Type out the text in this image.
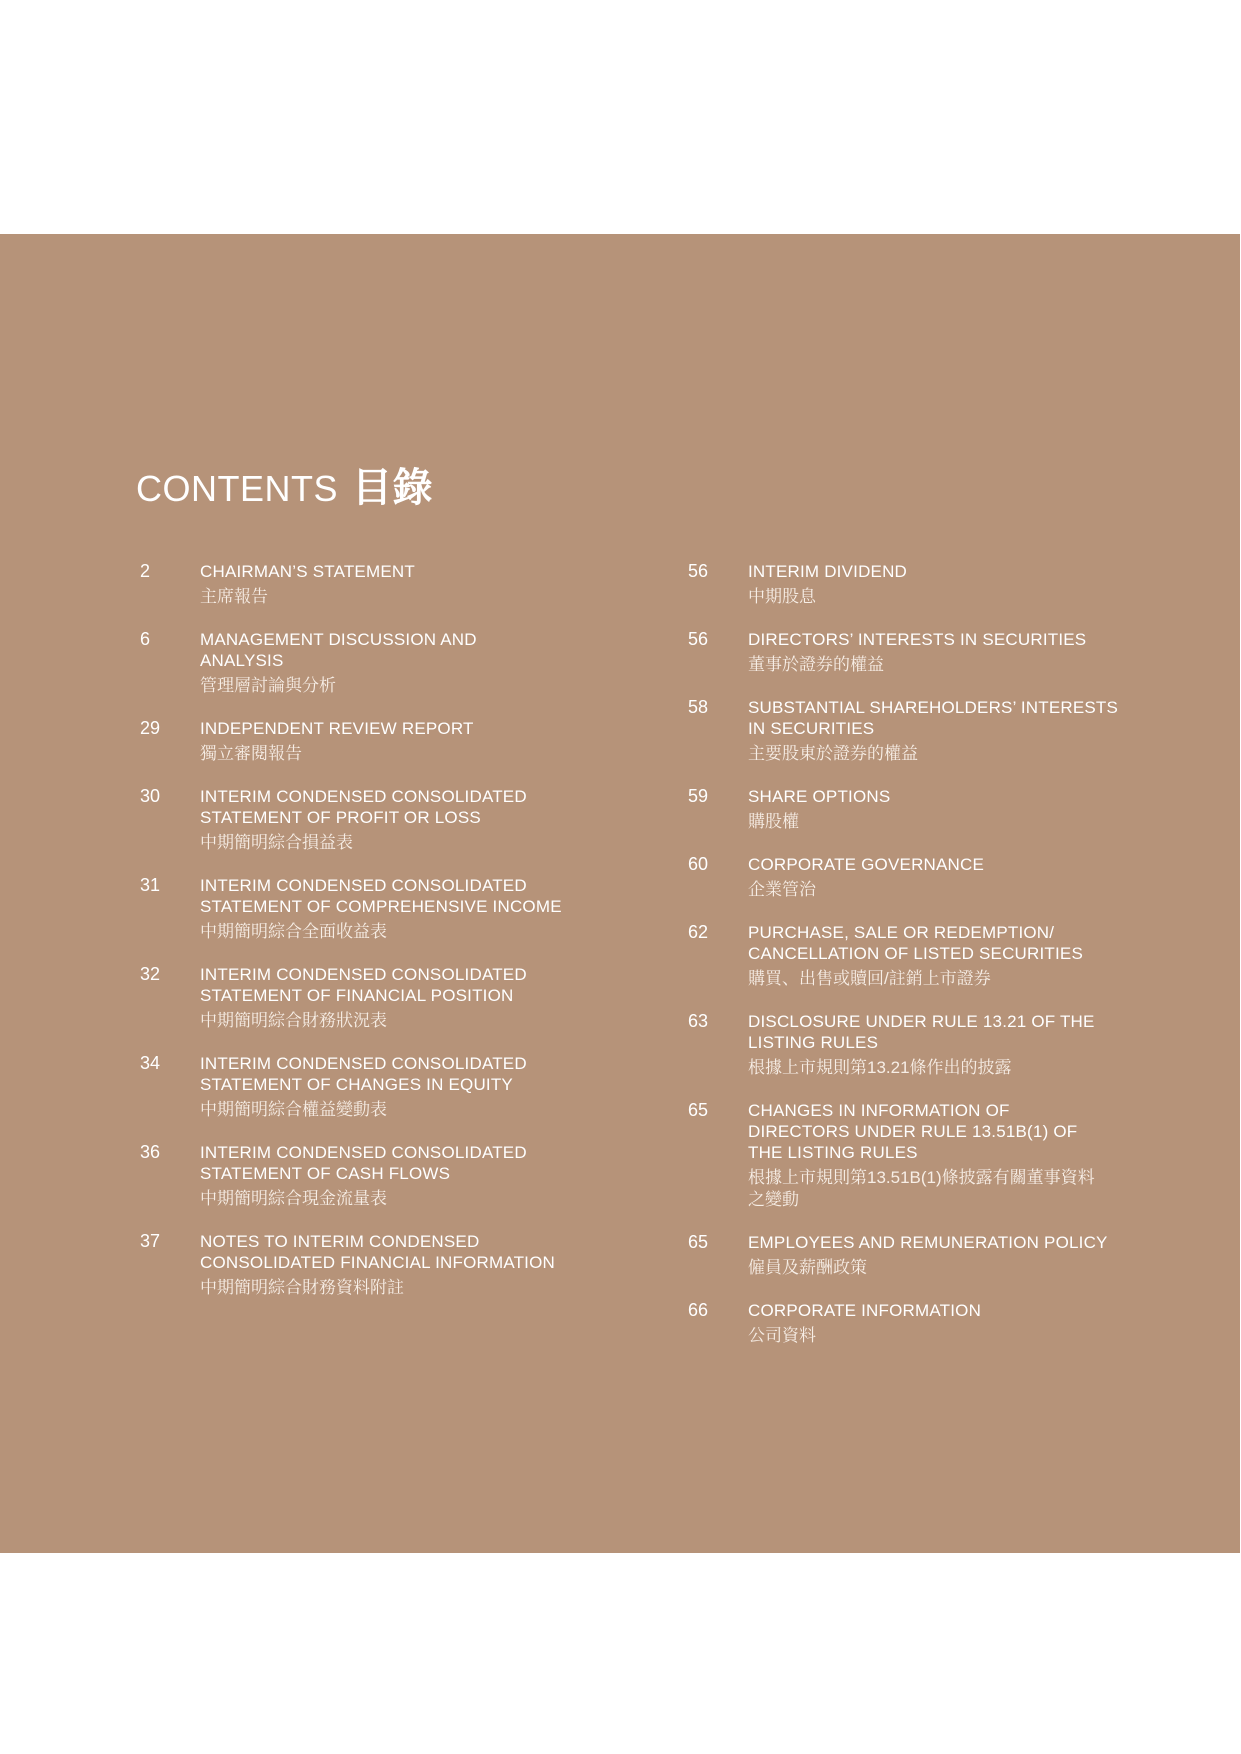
CONTENTS 目錄
2	CHAIRMAN’S STATEMENT
主席報告
6	MANAGEMENT DISCUSSION AND
ANALYSIS
管理層討論與分析
29 INDEPENDENT REVIEW REPORT
獨立審閱報告
30 INTERIM CONDENSED CONSOLIDATED
STATEMENT OF PROFIT OR LOSS
中期簡明綜合損益表
31 INTERIM CONDENSED CONSOLIDATED
STATEMENT OF COMPREHENSIVE INCOME
中期簡明綜合全面收益表
32 INTERIM CONDENSED CONSOLIDATED
STATEMENT OF FINANCIAL POSITION
中期簡明綜合財務狀況表
34 INTERIM CONDENSED CONSOLIDATED
STATEMENT OF CHANGES IN EQUITY
中期簡明綜合權益變動表
36 INTERIM CONDENSED CONSOLIDATED
STATEMENT OF CASH FLOWS
中期簡明綜合現金流量表
37 NOTES TO INTERIM CONDENSED
CONSOLIDATED FINANCIAL INFORMATION
中期簡明綜合財務資料附註
56 INTERIM DIVIDEND
中期股息
56 DIRECTORS’ INTERESTS IN SECURITIES
董事於證券的權益
58 SUBSTANTIAL SHAREHOLDERS’ INTERESTS
IN SECURITIES
主要股東於證券的權益
59 SHARE OPTIONS
購股權
60 CORPORATE GOVERNANCE
企業管治
62 PURCHASE, SALE OR REDEMPTION/
CANCELLATION OF LISTED SECURITIES
購買、出售或贖回/註銷上市證券
63 DISCLOSURE UNDER RULE 13.21 OF THE
LISTING RULES
根據上市規則第13.21條作出的披露
65 CHANGES IN INFORMATION OF
DIRECTORS UNDER RULE 13.51B(1) OF
THE LISTING RULES
根據上市規則第13.51B(1)條披露有關董事資料
之變動
65 EMPLOYEES AND REMUNERATION POLICY
僱員及薪酬政策
66 CORPORATE INFORMATION
公司資料
